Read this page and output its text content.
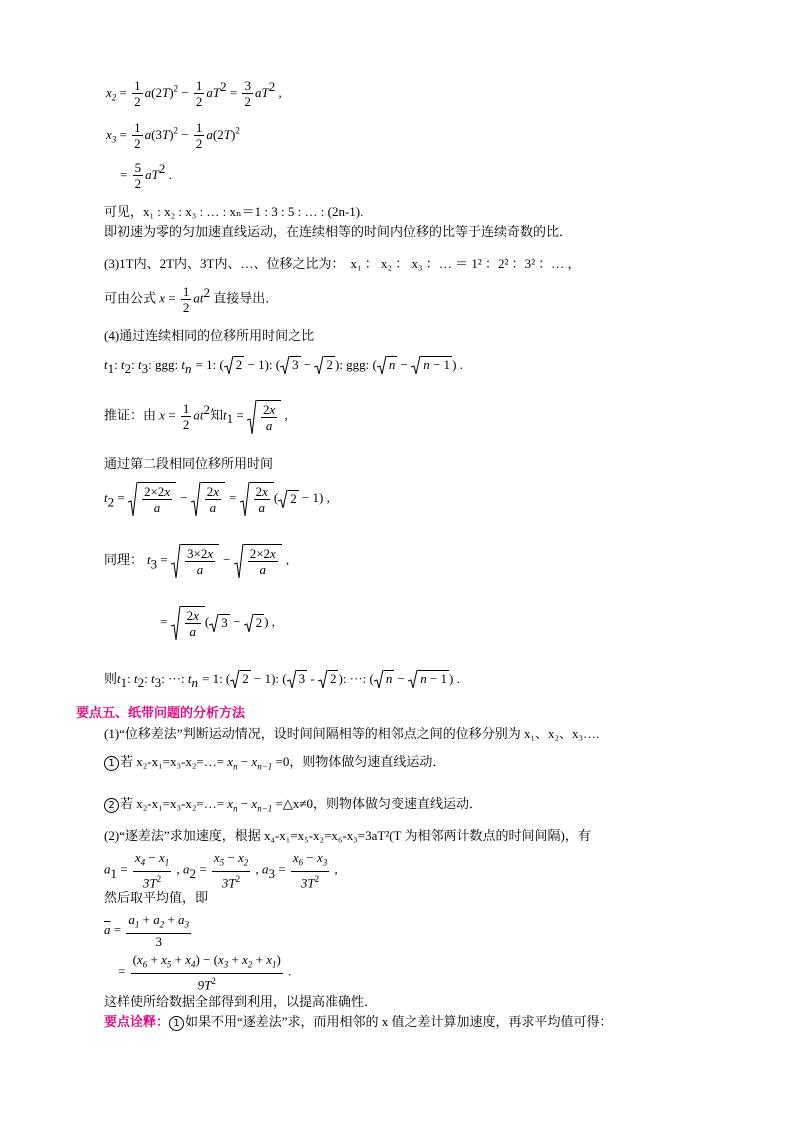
$x_2 = \frac{1}{2} a(2T)^2 - \frac{1}{2} aT^2 = \frac{3}{2} aT^2$ ,
$x_3 = \frac{1}{2} a(3T)^2 - \frac{1}{2} a(2T)^2$
= $\frac{5}{2} aT^2$ .
可见，x₁ : x₂ : x₃ : … : xₙ＝1 : 3 : 5 : … : (2n-1).
即初速为零的匀加速直线运动，在连续相等的时间内位移的比等于连续奇数的比．
(3)1T内、2T内、3T内、…、位移之比为： x₁ ： x₂ ： x₃ ：… ＝ 1² ：2² ：3² ：… ，
可由公式 $x = \frac{1}{2} at^2$ 直接导出．
(4)通过连续相同的位移所用时间之比
$t_1$: $t_2$: $t_3$: ggg: $t_n = 1$: ( 2 − 1): ( 3 −
2 ): ggg: ( n −
n − 1 ) .
推证：由 $x = \frac{1}{2} at^2$知$t_1 = \frac{2x}{a}$ ,
通过第二段相同位移所用时间
$t_2 = \frac{2\times 2x}{a} - \frac{2x}{a} = \frac{2x}{a}$ ( 2 − 1) ,
同理： $t_3 = \frac{3\times 2x}{a} - \frac{2\times 2x}{a}$ ,
= $\frac{2x}{a}$ ( 3 −
2 ) ,
则$t_1$: $t_2$: $t_3$: ···: $t_n = 1$: ( 2 − 1): ( 3 -
2 ): ···: ( n −
n − 1 ) .
要点五、纸带问题的分析方法
(1)“位移差法”判断运动情况，设时间间隔相等的相邻点之间的位移分别为 x₁、x₂、x₃….
1 若 x₂-x₁=x₃-x₂=…= $x_n - x_{n-1} =0$，则物体做匀速直线运动．
2 若 x₂-x₁=x₃-x₂=…= $x_n - x_{n-1}$ =△x≠0，则物体做匀变速直线运动．
(2)“逐差法”求加速度，根据 x₄-x₁=x₅-x₂=x₆-x₃=3aT²(T 为相邻两计数点的时间间隔)，有
$a_1 = \frac{x_4 - x_1}{3T^2}$ , $a_2 = \frac{x_5 - x_2}{3T^2}$ , $a_3 = \frac{x_6 - x_3}{3T^2}$ ,
然后取平均值，即
$\overline{a} = \frac{a_1 + a_2 + a_3}{3}$
= $\frac{(x_6 + x_5 + x_4) - (x_3 + x_2 + x_1)}{9T^2}$ .
这样使所给数据全部得到利用，以提高准确性．
要点诠释： 1 如果不用“逐差法”求，而用相邻的 x 值之差计算加速度，再求平均值可得：
